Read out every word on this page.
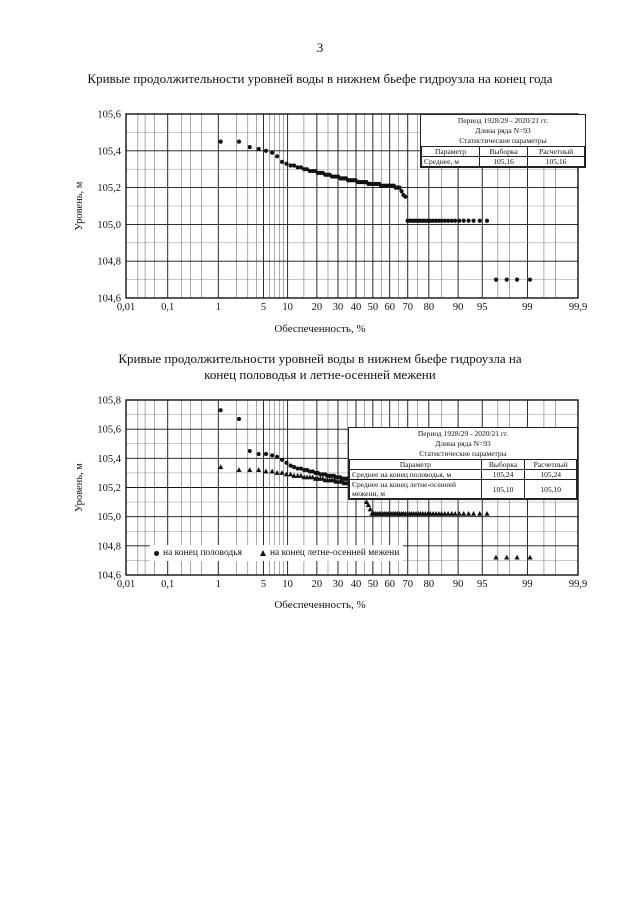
3
Кривые продолжительности уровней воды в нижнем бьефе гидроузла на конец года
105,6
105,4
105,2
105,0
104,8
104,6
0,01 0,1	1	5 10 20 30 40 50 60 70 80 90 95	99	99,9
Уровень, м
Период 1928/29 - 2020/21 гг.
Длина ряда N=93
Статистические параметры
Параметр	Выборка	Расчетный
Среднее, м	105,16	105,16
Обеспеченность, %
Кривые продолжительности уровней воды в нижнем бьефе гидроузла на конец половодья и летне-осенней межени
105,8
105,6
105,4
105,2
105,0
104,8
104,6
0,01 0,1	1	5 10 20 30 40 50 60 70 80 90 95	99	99,9
Уровень, м
Период 1928/29 - 2020/21 гг.
Длина ряда N=93
Статистические параметры
Параметр	Выборка	Расчетный
Среднее на конец половодья, м	105,24	105,24
Среднее на конец летне-осенней межени, м	105,10	105,10
на конец половодья	на конец летне-осенней межени
Обеспеченность, %
